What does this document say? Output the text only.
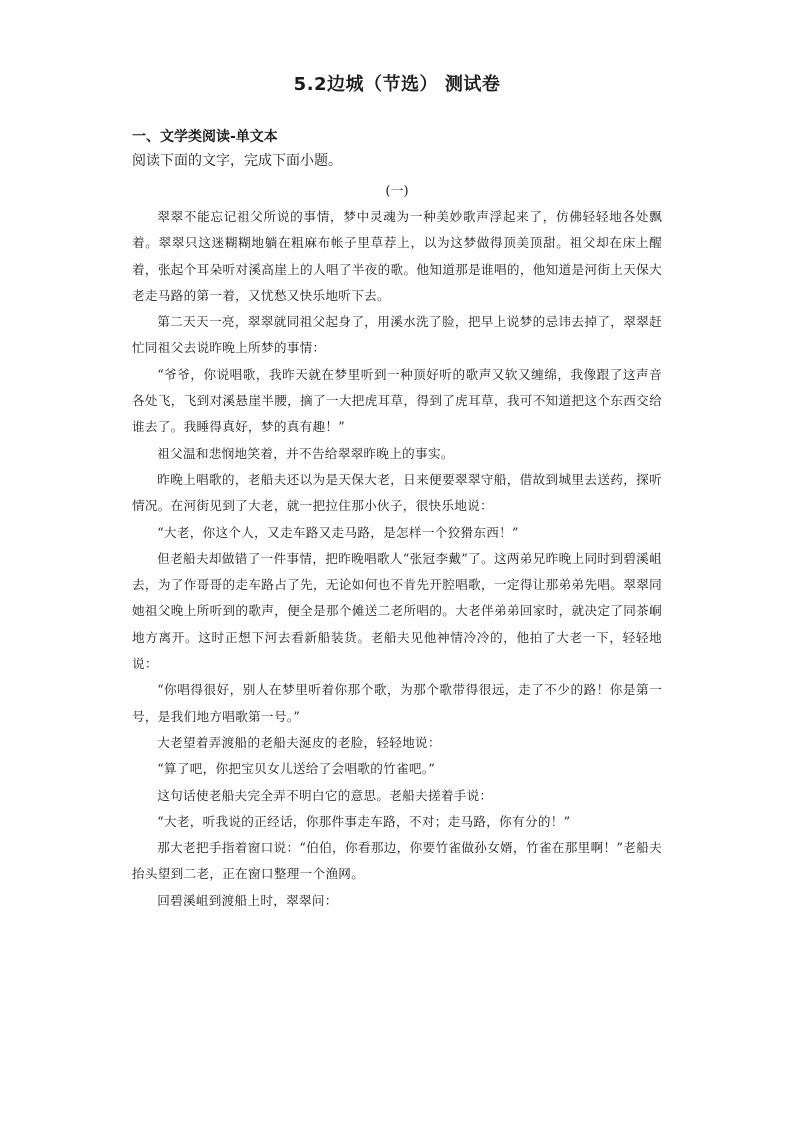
5.2边城（节选） 测试卷
一、文学类阅读-单文本
阅读下面的文字，完成下面小题。
(一)

翠翠不能忘记祖父所说的事情，梦中灵魂为一种美妙歌声浮起来了，仿佛轻轻地各处飘着。翠翠只这迷糊糊地躺在粗麻布帐子里草荐上，以为这梦做得顶美顶甜。祖父却在床上醒着，张起个耳朵听对溪高崖上的人唱了半夜的歌。他知道那是谁唱的，他知道是河街上天保大老走马路的第一着，又忧愁又快乐地听下去。

第二天天一亮，翠翠就同祖父起身了，用溪水洗了脸，把早上说梦的忌讳去掉了，翠翠赶忙同祖父去说昨晚上所梦的事情：

“爷爷，你说唱歌，我昨天就在梦里听到一种顶好听的歌声又软又缠绵，我像跟了这声音各处飞，飞到对溪悬崖半腰，摘了一大把虎耳草，得到了虎耳草，我可不知道把这个东西交给谁去了。我睡得真好，梦的真有趣！”

祖父温和悲悯地笑着，并不告给翠翠昨晚上的事实。

昨晚上唱歌的，老船夫还以为是天保大老，日来便要翠翠守船，借故到城里去送药，探听情况。在河街见到了大老，就一把拉住那小伙子，很快乐地说：

“大老，你这个人，又走车路又走马路，是怎样一个狡猾东西！”

但老船夫却做错了一件事情，把昨晚唱歌人“张冠李戴”了。这两弟兄昨晚上同时到碧溪岨去，为了作哥哥的走车路占了先，无论如何也不肯先开腔唱歌，一定得让那弟弟先唱。翠翠同她祖父晚上所听到的歌声，便全是那个傩送二老所唱的。大老伴弟弟回家时，就决定了同茶峒地方离开。这时正想下河去看新船装货。老船夫见他神情冷冷的，他拍了大老一下，轻轻地说：

“你唱得很好，别人在梦里听着你那个歌，为那个歌带得很远，走了不少的路！你是第一号，是我们地方唱歌第一号。”

大老望着弄渡船的老船夫涎皮的老脸，轻轻地说：

“算了吧，你把宝贝女儿送给了会唱歌的竹雀吧。”

这句话使老船夫完全弄不明白它的意思。老船夫搓着手说：

“大老，听我说的正经话，你那件事走车路，不对；走马路，你有分的！”

那大老把手指着窗口说：“伯伯，你看那边，你要竹雀做孙女婿，竹雀在那里啊！”老船夫抬头望到二老，正在窗口整理一个渔网。

回碧溪岨到渡船上时，翠翠问：
